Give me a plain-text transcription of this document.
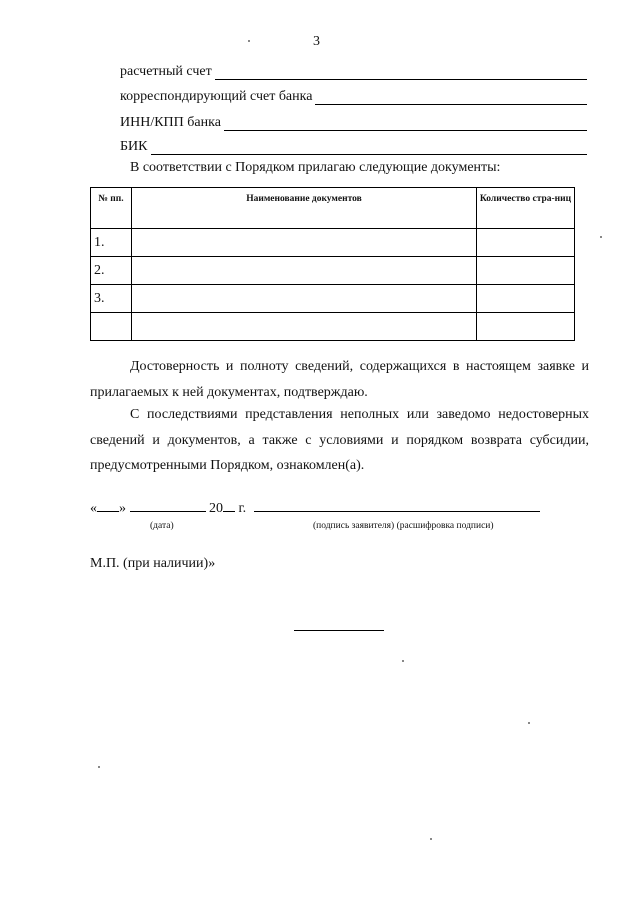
3
расчетный счет
корреспондирующий счет банка
ИНН/КПП банка
БИК
В соответствии с Порядком прилагаю следующие документы:
№ пп.	Наименование документов	Количество стра-ниц
1.		
2.		
3.		

Достоверность и полноту сведений, содержащихся в настоящем заявке и прилагаемых к ней документах, подтверждаю.

С последствиями представления неполных или заведомо недостоверных сведений и документов, а также с условиями и порядком возврата субсидии, предусмотренными Порядком, ознакомлен(а).

« »	20 г.
(дата)	(подпись заявителя) (расшифровка подписи)
М.П. (при наличии)»
